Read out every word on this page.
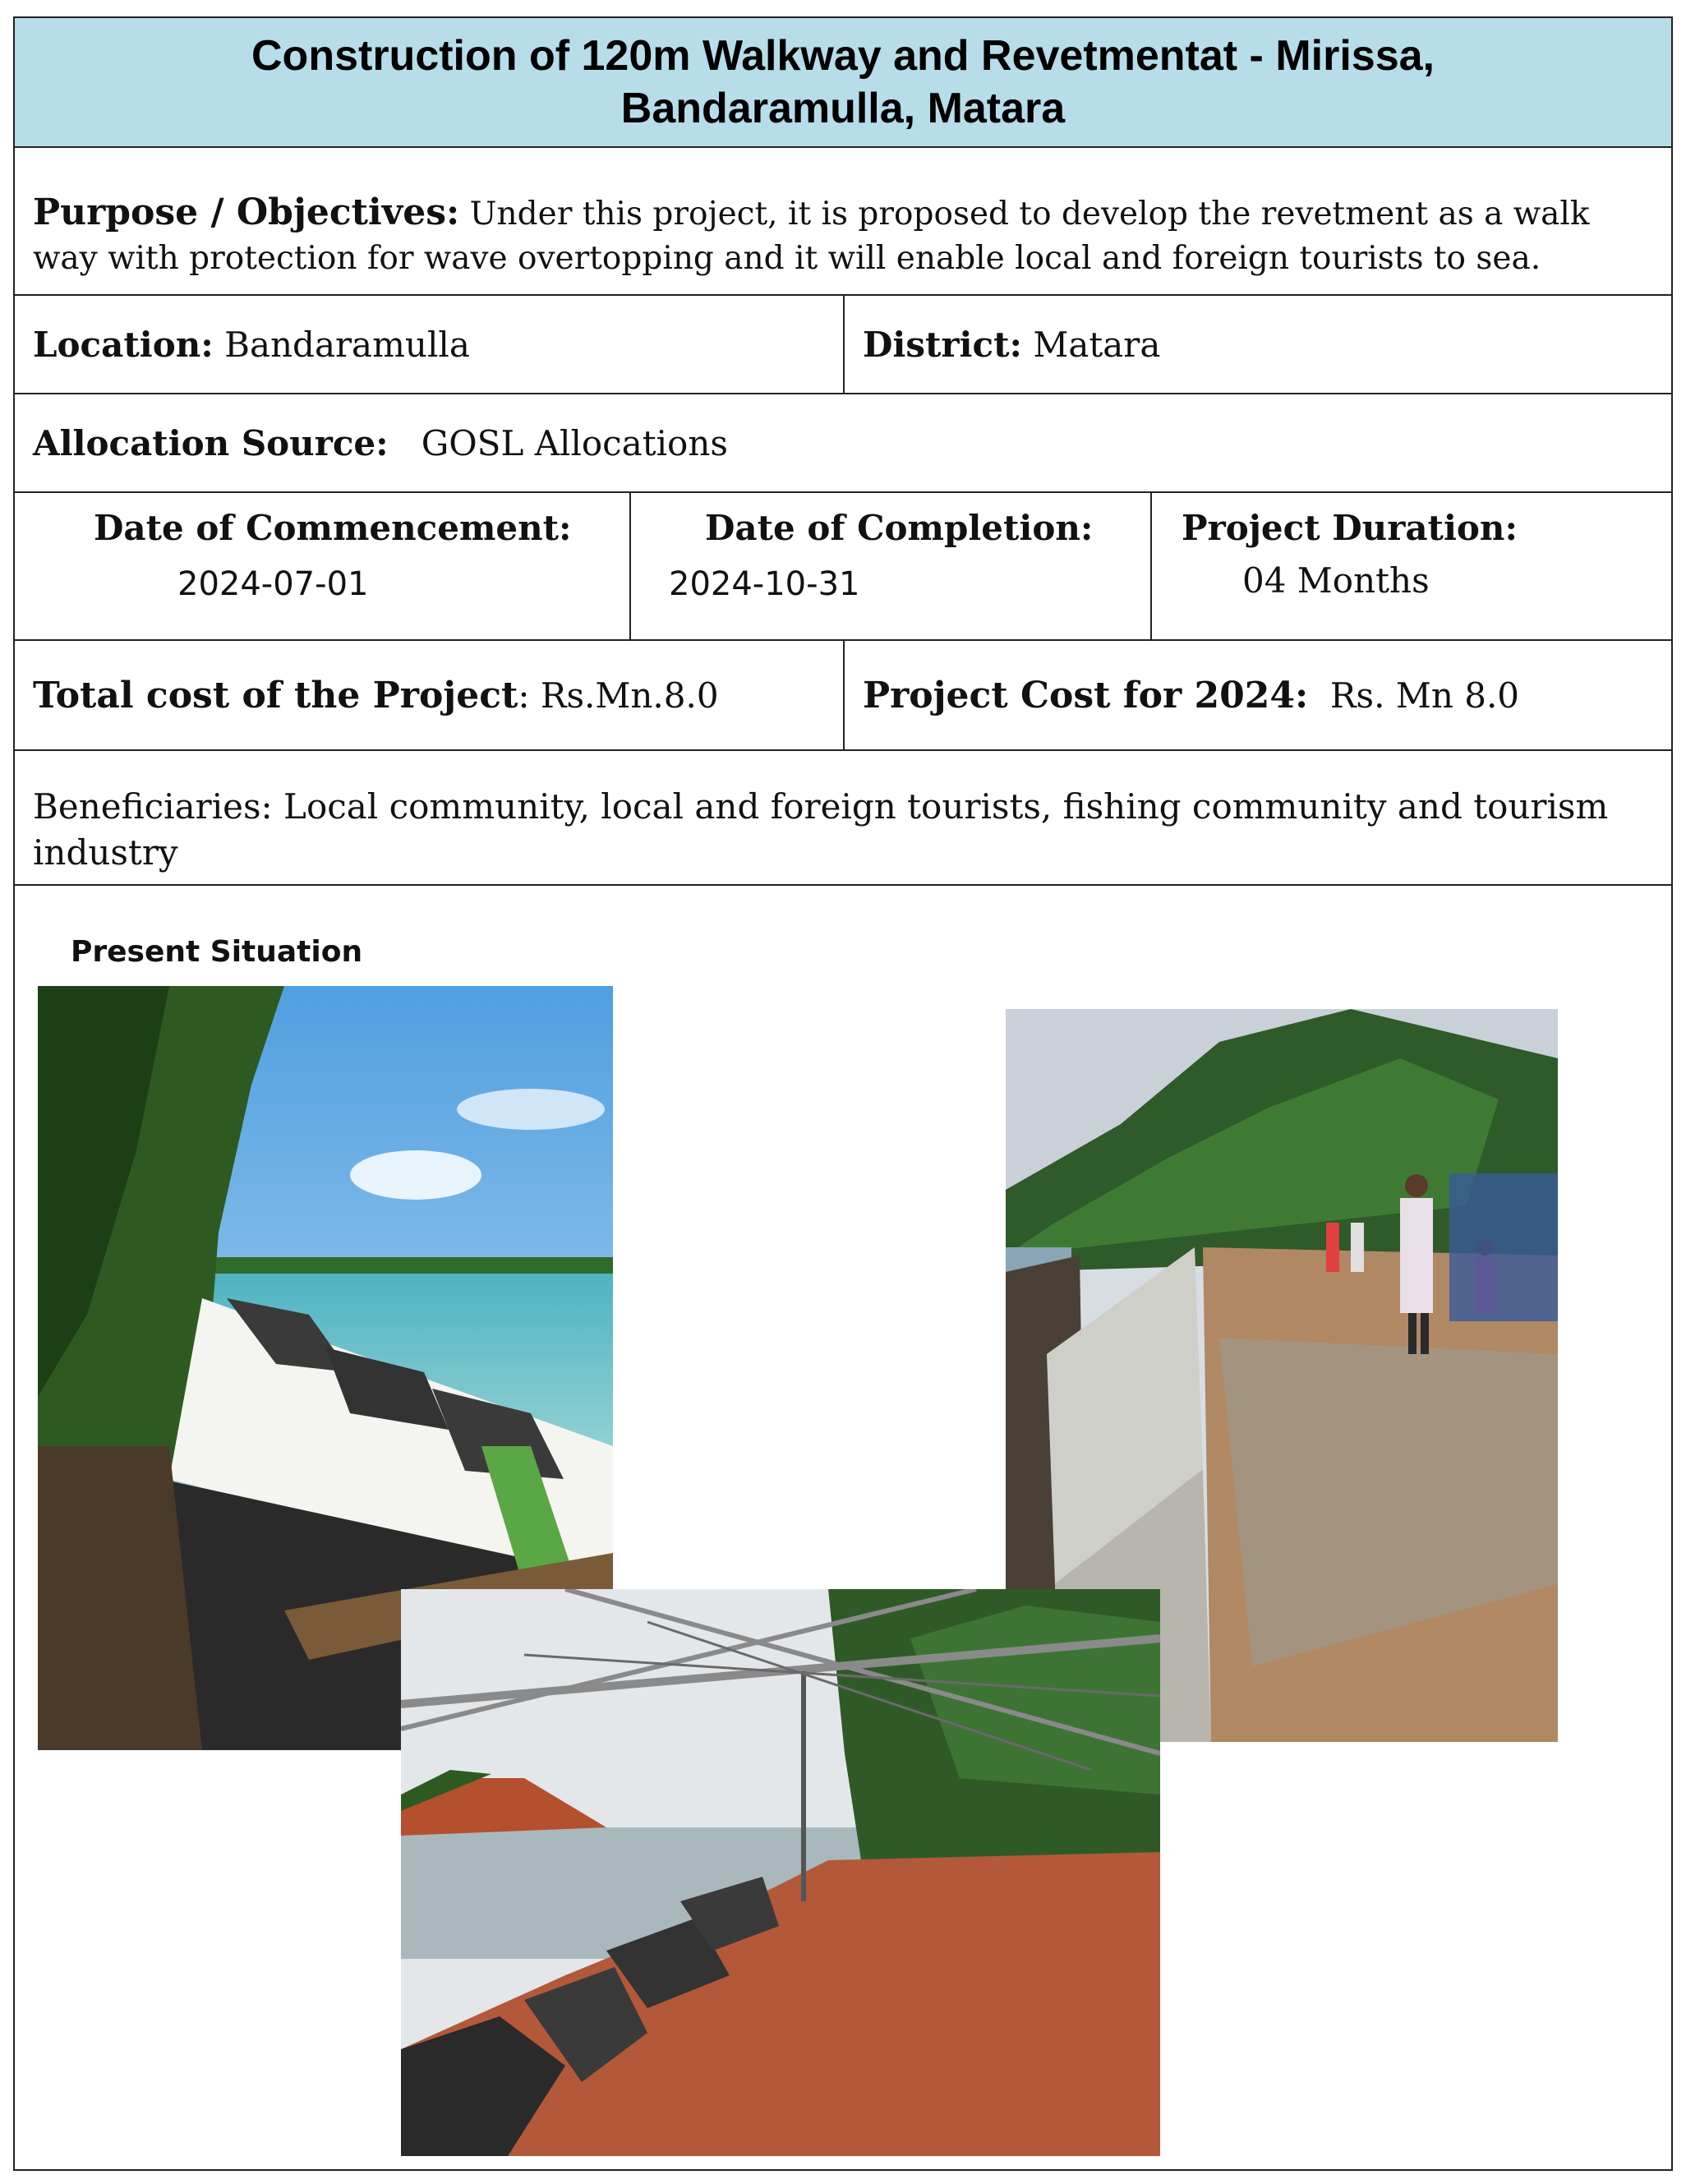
Construction of 120m Walkway and Revetmentat - Mirissa,
Bandaramulla, Matara
Purpose / Objectives: Under this project, it is proposed to develop the revetment as a walk way with protection for wave overtopping and it will enable local and foreign tourists to sea.
Location: Bandaramulla	District: Matara
Allocation Source: GOSL Allocations
Date of Commencement:
2024-07-01
Date of Completion:
2024-10-31
Project Duration:
04 Months
Total cost of the Project : Rs.Mn.8.0	Project Cost for 2024: Rs. Mn 8.0
Beneficiaries: Local community, local and foreign tourists, fishing community and tourism industry
Present Situation
